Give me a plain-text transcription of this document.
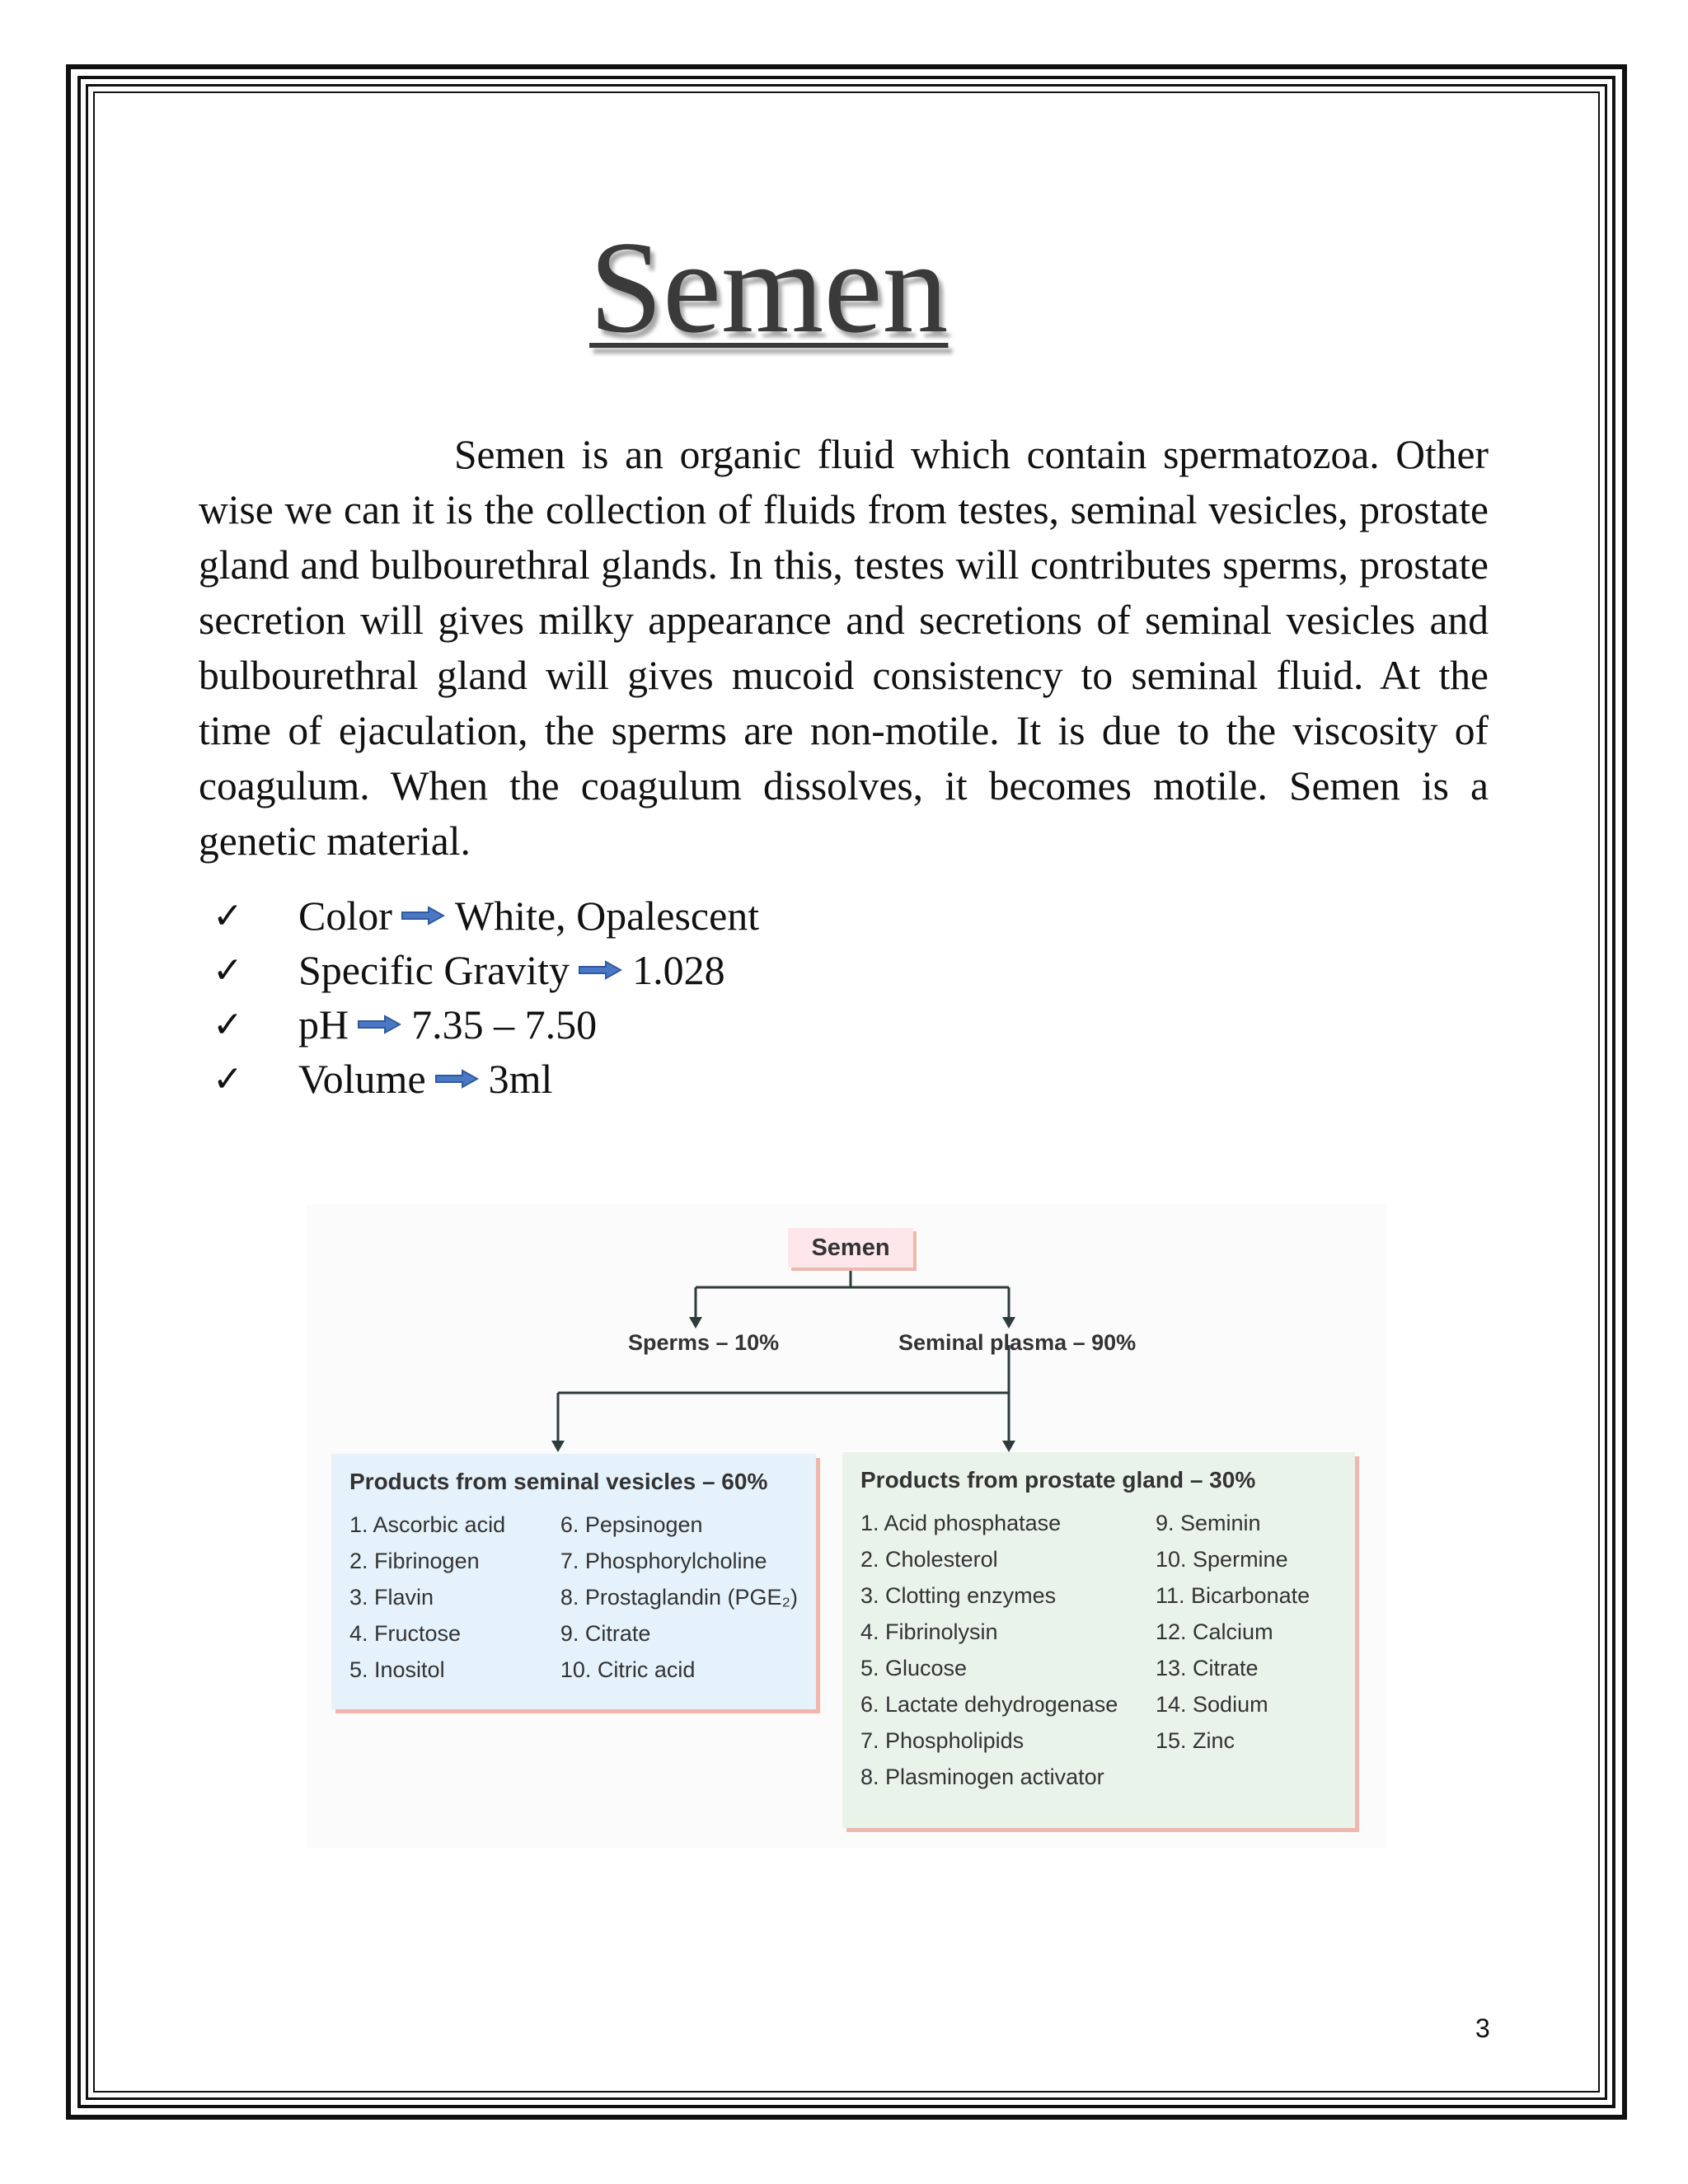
Semen

Semen is an organic fluid which contain spermatozoa. Other wise we can it is the collection of fluids from testes, seminal vesicles, prostate gland and bulbourethral glands. In this, testes will contributes sperms, prostate secretion will gives milky appearance and secretions of seminal vesicles and bulbourethral gland will gives mucoid consistency to seminal fluid. At the time of ejaculation, the sperms are non-motile. It is due to the viscosity of coagulum. When the coagulum dissolves, it becomes motile. Semen is a genetic material.

✓	Color White, Opalescent
✓	Specific Gravity 1.028
✓	pH 7.35 – 7.50
✓	Volume 3ml
Semen
Sperms – 10%	Seminal plasma – 90%
Products from seminal vesicles – 60%
1. Ascorbic acid
2. Fibrinogen
3. Flavin
4. Fructose
5. Inositol
6. Pepsinogen
7. Phosphorylcholine
8. Prostaglandin (PGE₂)
9. Citrate
10. Citric acid
Products from prostate gland – 30%
1. Acid phosphatase
2. Cholesterol
3. Clotting enzymes
4. Fibrinolysin
5. Glucose
6. Lactate dehydrogenase
7. Phospholipids
8. Plasminogen activator
9. Seminin
10. Spermine
11. Bicarbonate
12. Calcium
13. Citrate
14. Sodium
15. Zinc
3
